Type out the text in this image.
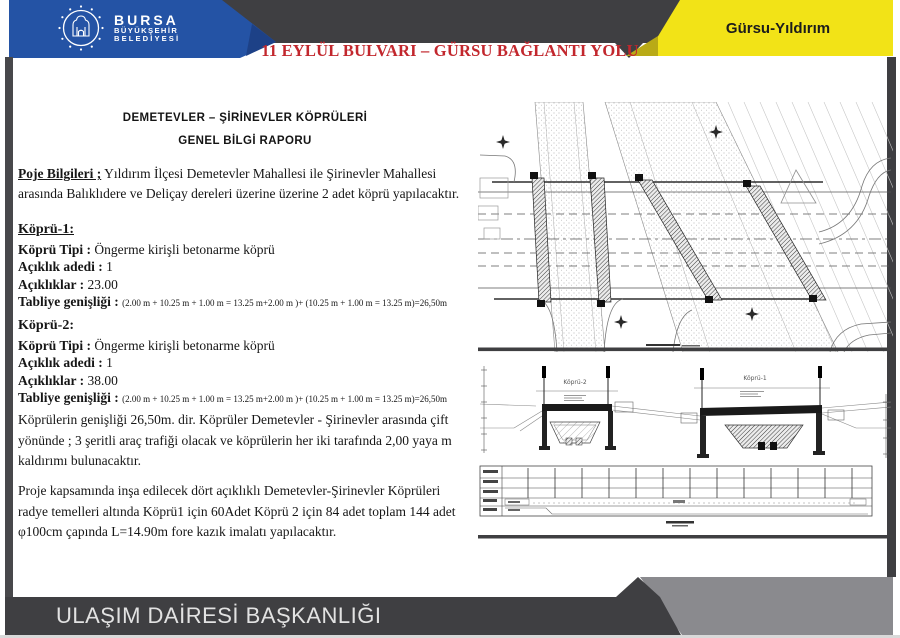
BURSA
BÜYÜKŞEHİR
BELEDİYESİ
11 EYLÜL BULVARI – GÜRSU BAĞLANTI YOLU
Gürsu-Yıldırım
DEMETEVLER – ŞİRİNEVLER KÖPRÜLERİ
GENEL BİLGİ RAPORU
Poje Bilgileri ; Yıldırım İlçesi Demetevler Mahallesi ile Şirinevler Mahallesi arasında Balıklıdere ve Deliçay dereleri üzerine üzerine 2 adet köprü yapılacaktır.
Köprü-1:
Köprü Tipi : Öngerme kirişli betonarme köprü
Açıklık adedi : 1
Açıklıklar : 23.00
Tabliye genişliği : (2.00 m + 10.25 m + 1.00 m = 13.25 m+2.00 m )+ (10.25 m + 1.00 m = 13.25 m)=26,50m
Köprü-2:
Köprü Tipi : Öngerme kirişli betonarme köprü
Açıklık adedi : 1
Açıklıklar : 38.00
Tabliye genişliği : (2.00 m + 10.25 m + 1.00 m = 13.25 m+2.00 m )+ (10.25 m + 1.00 m = 13.25 m)=26,50m
Köprülerin genişliği 26,50m. dir. Köprüler Demetevler - Şirinevler arasında çift yönünde ; 3 şeritli araç trafiği olacak ve köprülerin her iki tarafında 2,00 yaya m kaldırımı bulunacaktır.
Proje kapsamında inşa edilecek dört açıklıklı Demetevler-Şirinevler Köprüleri radye temelleri altında Köprü1 için 60Adet Köprü 2 için 84 adet toplam 144 adet φ100cm çapında L=14.90m fore kazık imalatı yapılacaktır.
Köprü-2
Köprü-1
ULAŞIM DAİRESİ BAŞKANLIĞI
